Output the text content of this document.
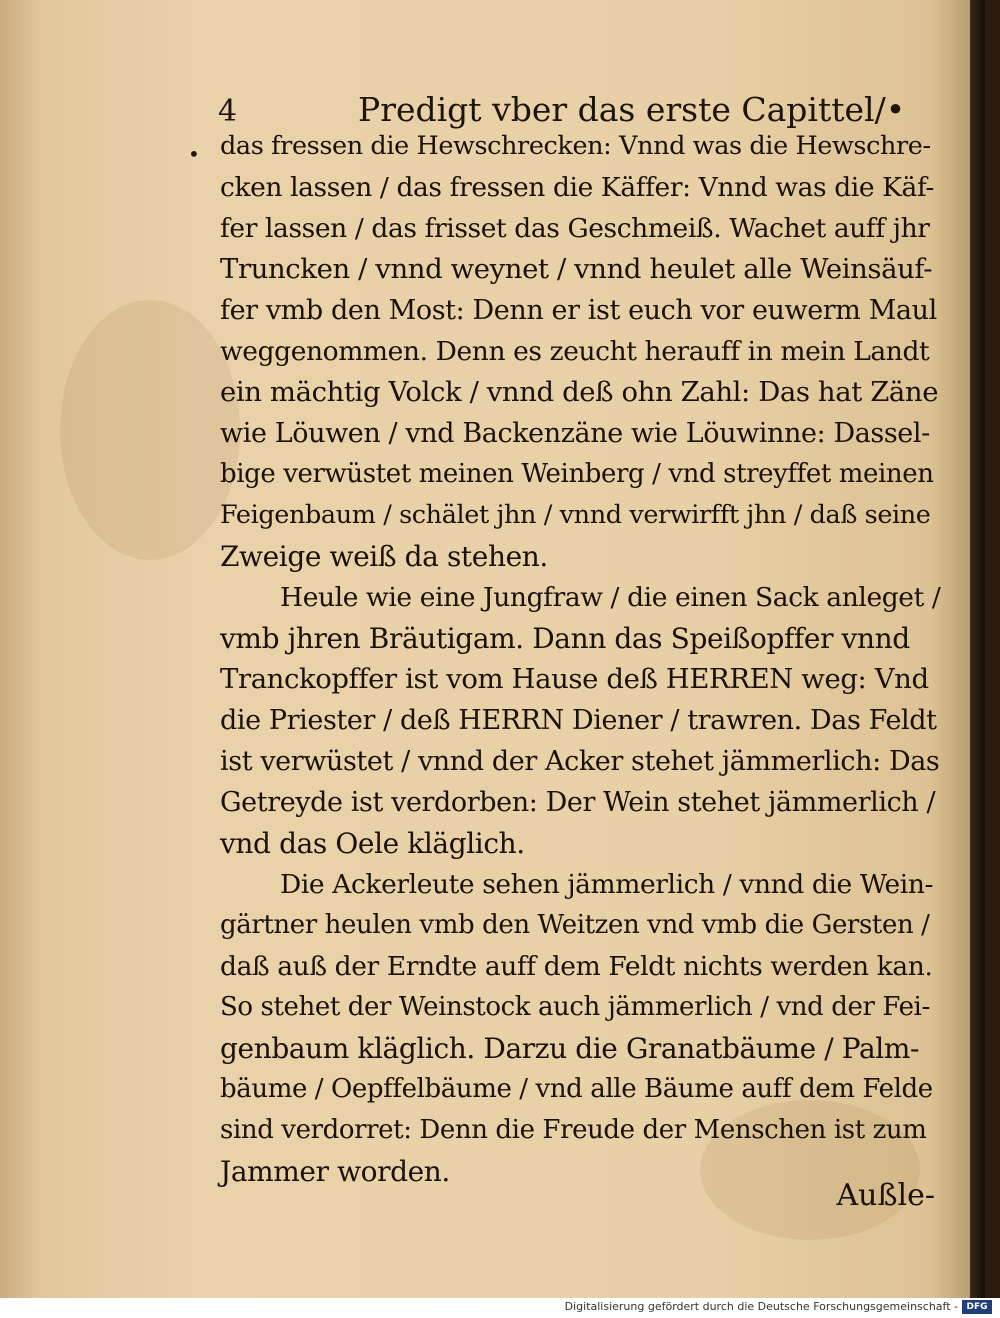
4	Predigt vber das erste Capittel/•
• das fressen die Hewschrecken: Vnnd was die Hewschre-
cken lassen / das fressen die Käffer: Vnnd was die Käf-
fer lassen / das frisset das Geschmeiß. Wachet auff jhr
Truncken / vnnd weynet / vnnd heulet alle Weinsäuf-
fer vmb den Most: Denn er ist euch vor euwerm Maul
weggenommen. Denn es zeucht herauff in mein Landt
ein mächtig Volck / vnnd deß ohn Zahl: Das hat Zäne
wie Löuwen / vnd Backenzäne wie Löuwinne: Dassel-
bige verwüstet meinen Weinberg / vnd streyffet meinen
Feigenbaum / schälet jhn / vnnd verwirfft jhn / daß seine
Zweige weiß da stehen.
Heule wie eine Jungfraw / die einen Sack anleget /
vmb jhren Bräutigam. Dann das Speißopffer vnnd
Tranckopffer ist vom Hause deß HERREN weg: Vnd
die Priester / deß HERRN Diener / trawren. Das Feldt
ist verwüstet / vnnd der Acker stehet jämmerlich: Das
Getreyde ist verdorben: Der Wein stehet jämmerlich /
vnd das Oele kläglich.
Die Ackerleute sehen jämmerlich / vnnd die Wein-
gärtner heulen vmb den Weitzen vnd vmb die Gersten /
daß auß der Erndte auff dem Feldt nichts werden kan.
So stehet der Weinstock auch jämmerlich / vnd der Fei-
genbaum kläglich. Darzu die Granatbäume / Palm-
bäume / Oepffelbäume / vnd alle Bäume auff dem Felde
sind verdorret: Denn die Freude der Menschen ist zum
Jammer worden.
Außle-
Digitalisierung gefördert durch die Deutsche Forschungsgemeinschaft - DFG
